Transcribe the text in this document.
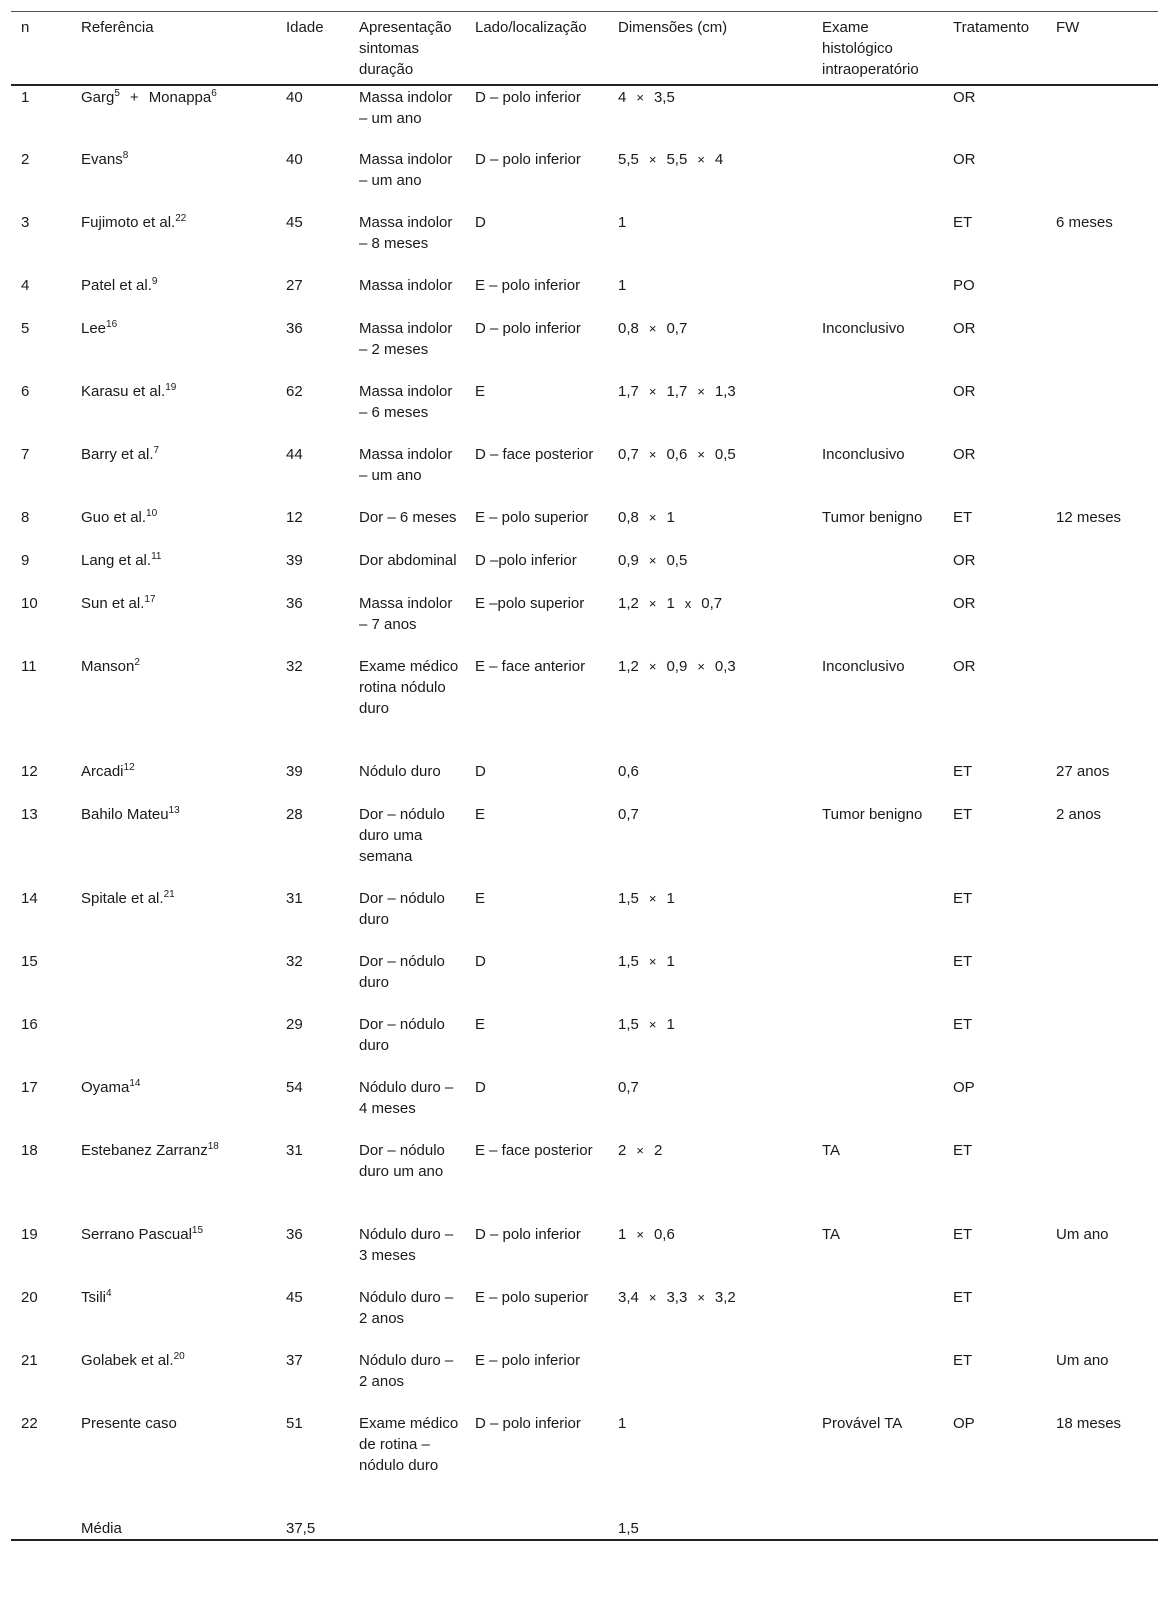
n	Referência	Idade	Apresentação sintomas duração	Lado/localização	Dimensões (cm)	Exame histológico intraoperatório	Tratamento	FW
1	Garg$^5$ + Monappa$^6$	40	Massa indolor – um ano	D – polo inferior	4 × 3,5		OR	
2	Evans$^8$	40	Massa indolor – um ano	D – polo inferior	5,5 × 5,5 × 4		OR	
3	Fujimoto et al.$^{22}$	45	Massa indolor – 8 meses	D	1		ET	6 meses
4	Patel et al.$^9$	27	Massa indolor	E – polo inferior	1		PO	
5	Lee$^{16}$	36	Massa indolor – 2 meses	D – polo inferior	0,8 × 0,7	Inconclusivo	OR	
6	Karasu et al.$^{19}$	62	Massa indolor – 6 meses	E	1,7 × 1,7 × 1,3		OR	
7	Barry et al.$^7$	44	Massa indolor – um ano	D – face posterior	0,7 × 0,6 × 0,5	Inconclusivo	OR	
8	Guo et al.$^{10}$	12	Dor – 6 meses	E – polo superior	0,8 × 1	Tumor benigno	ET	12 meses
9	Lang et al.$^{11}$	39	Dor abdominal	D –polo inferior	0,9 × 0,5		OR	
10	Sun et al.$^{17}$	36	Massa indolor – 7 anos	E –polo superior	1,2 × 1 x 0,7		OR	
11	Manson$^2$	32	Exame médico rotina nódulo duro	E – face anterior	1,2 × 0,9 × 0,3	Inconclusivo	OR	
12	Arcadi$^{12}$	39	Nódulo duro	D	0,6		ET	27 anos
13	Bahilo Mateu$^{13}$	28	Dor – nódulo duro uma semana	E	0,7	Tumor benigno	ET	2 anos
14	Spitale et al.$^{21}$	31	Dor – nódulo duro	E	1,5 × 1		ET	
15		32	Dor – nódulo duro	D	1,5 × 1		ET	
16		29	Dor – nódulo duro	E	1,5 × 1		ET	
17	Oyama$^{14}$	54	Nódulo duro – 4 meses	D	0,7		OP	
18	Estebanez Zarranz$^{18}$	31	Dor – nódulo duro um ano	E – face posterior	2 × 2	TA	ET	
19	Serrano Pascual$^{15}$	36	Nódulo duro – 3 meses	D – polo inferior	1 × 0,6	TA	ET	Um ano
20	Tsili$^4$	45	Nódulo duro – 2 anos	E – polo superior	3,4 × 3,3 × 3,2		ET	
21	Golabek et al.$^{20}$	37	Nódulo duro – 2 anos	E – polo inferior			ET	Um ano
22	Presente caso	51	Exame médico de rotina – nódulo duro	D – polo inferior	1	Provável TA	OP	18 meses
	Média	37,5			1,5			
